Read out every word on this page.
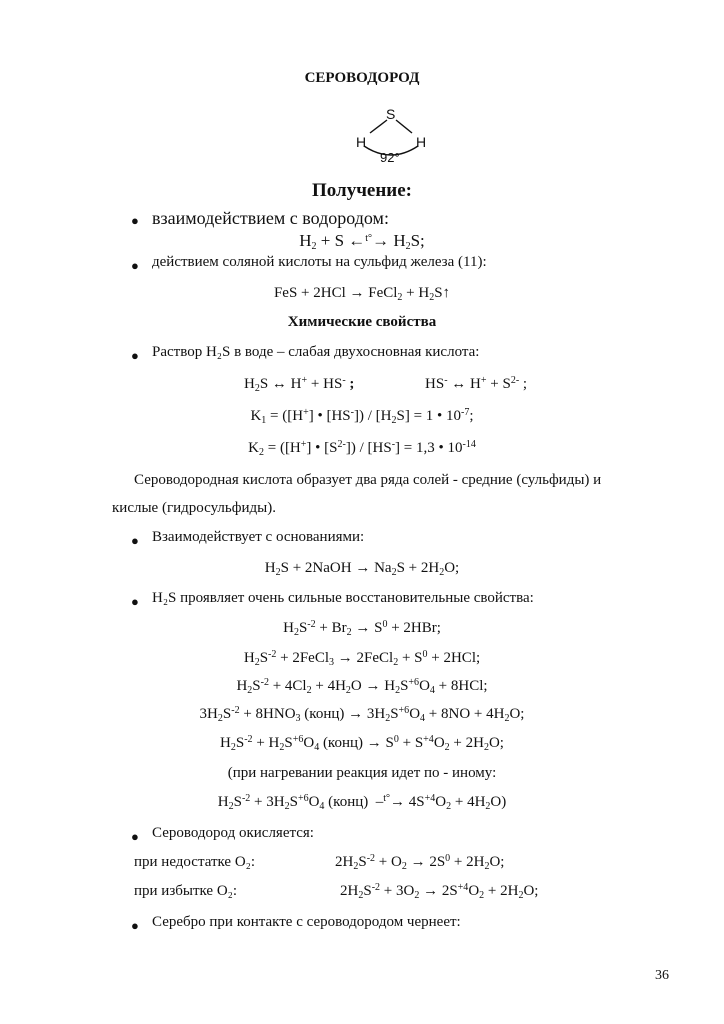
СЕРОВОДОРОД
S
H	H
92°
Получение:
● взаимодействием с водородом:
$H_2 + S$ ←$^{t^\circ}$→ $H_2S$;
● действием соляной кислоты на сульфид железа (11):
FeS + 2HCl → FeCl$_2$ + $H_2S↑$
Химические свойства
● Раствор H₂S в воде – слабая двухосновная кислота:
$H_2S$ ↔ H+ + HS- ;	HS- ↔ $H^+ + S^{2-}$ ;
$K_1 = ([H^+]$ • $[HS^-]) / [H_2S] = 1$ • $10^{-7}$;
$K_2 = ([H^+]$ • $[S^{2-}]) / [HS^-] = 1,3$ • $10^{-14}$
Сероводородная кислота образует два ряда солей - средние (сульфиды) и
кислые (гидросульфиды).
● Взаимодействует с основаниями:
$H_2S$ + 2NaOH → $Na_2S + 2H_2O$;
● H₂S проявляет очень сильные восстановительные свойства:
$H_2S^{-2} + Br_2 \to S^0 + 2HBr$;
$H_2S^{-2}$ + 2FeCl$_3$ → 2FeCl$_2$ + $S^0 + 2HCl$;
$H_2S^{-2} + 4Cl_2 + 4H_2O \to H_2S^{+6}O_4 + 8HCl$;
$3H_2S^{-2} + 8HNO_3$ (конц) → $3H_2S^{+6}O_4 + 8NO + 4H_2O$;
$H_2S^{-2} + H_2S^{+6}O_4$ (конц) → $S^0 + S^{+4}O_2 + 2H_2O$;
(при нагревании реакция идет по - иному:
$H_2S^{-2} + 3H_2S^{+6}O_4$ (конц)  $-^{t^\circ}\to 4S^{+4}O_2 + 4H_2O$)
● Сероводород окисляется:
при недостатке O₂:	$2H_2S^{-2} + O_2 \to 2S^0 + 2H_2O$;
при избытке O₂:	$2H_2S^{-2} + 3O_2 \to 2S^{+4}O_2 + 2H_2O$;
● Серебро при контакте с сероводородом чернеет:
36
